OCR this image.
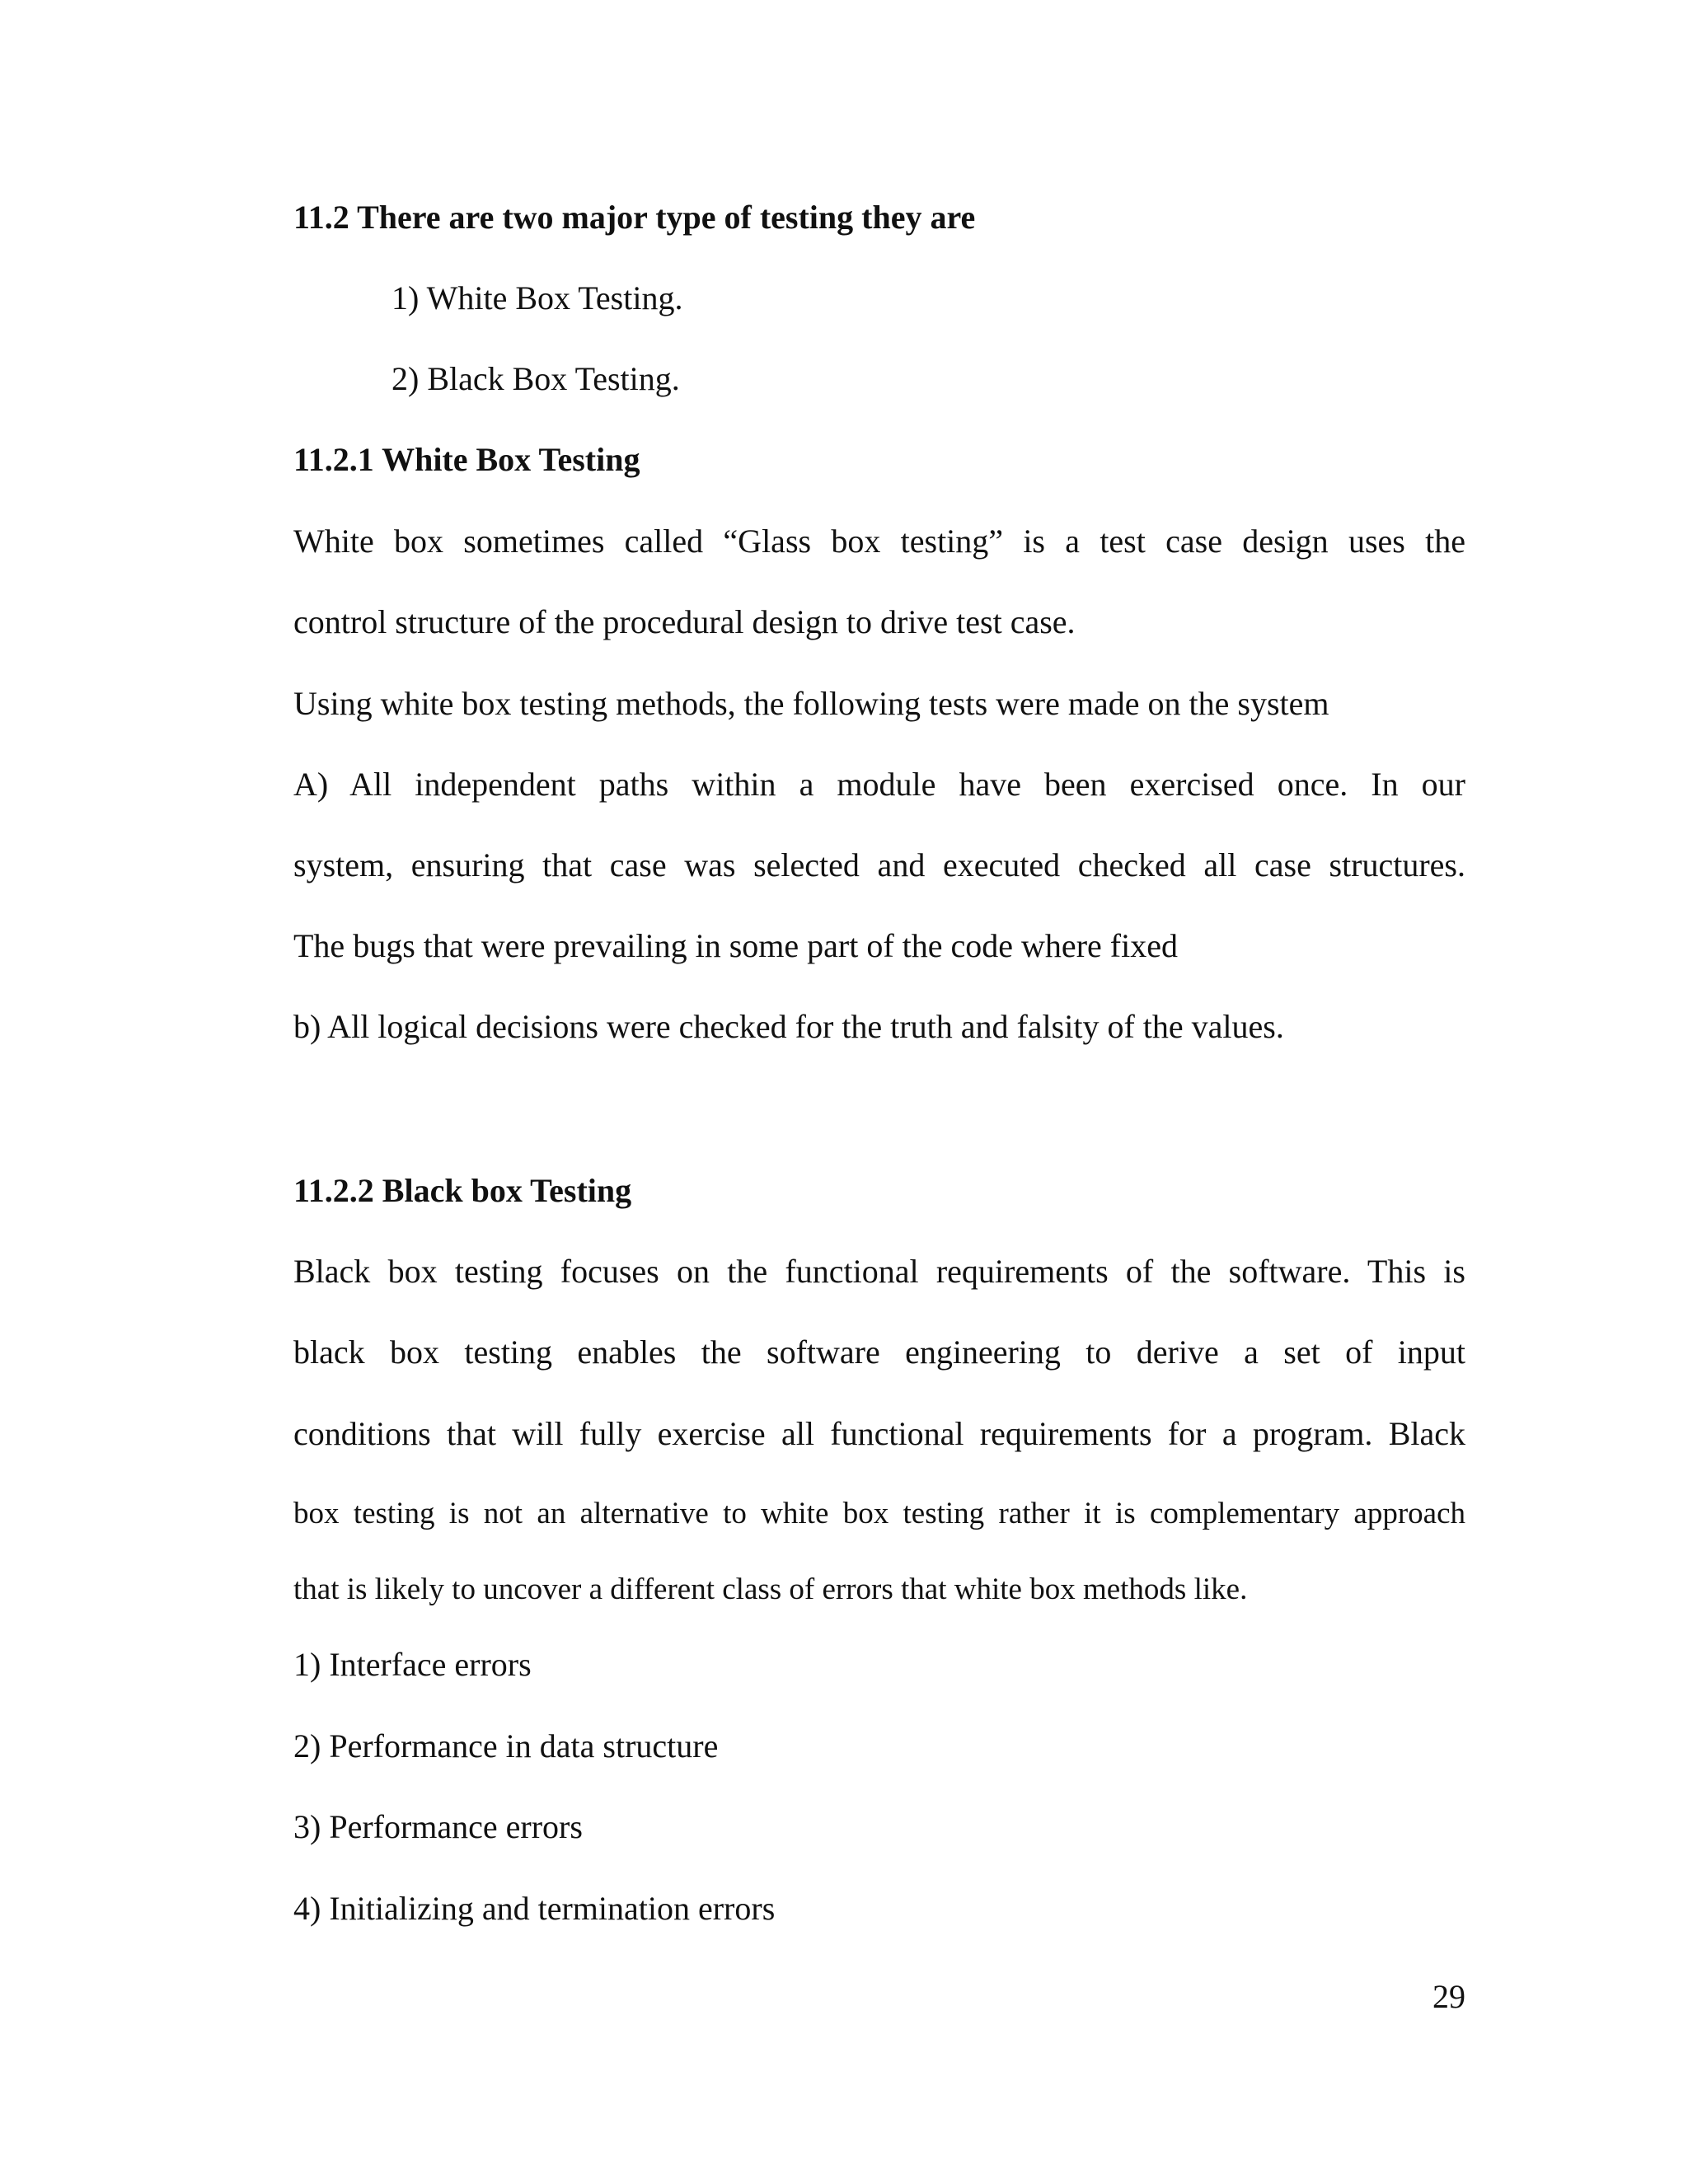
11.2 There are two major type of testing they are
1) White Box Testing.
2) Black Box Testing.
11.2.1 White Box Testing
White box sometimes called “Glass box testing” is a test case design uses the
control structure of the procedural design to drive test case.
Using white box testing methods, the following tests were made on the system
A) All independent paths within a module have been exercised once. In our
system, ensuring that case was selected and executed checked all case structures.
The bugs that were prevailing in some part of the code where fixed
b) All logical decisions were checked for the truth and falsity of the values.
11.2.2 Black box Testing
Black box testing focuses on the functional requirements of the software. This is
black box testing enables the software engineering to derive a set of input
conditions that will fully exercise all functional requirements for a program. Black
box testing is not an alternative to white box testing rather it is complementary approach
that is likely to uncover a different class of errors that white box methods like.
1) Interface errors
2) Performance in data structure
3) Performance errors
4) Initializing and termination errors
29
